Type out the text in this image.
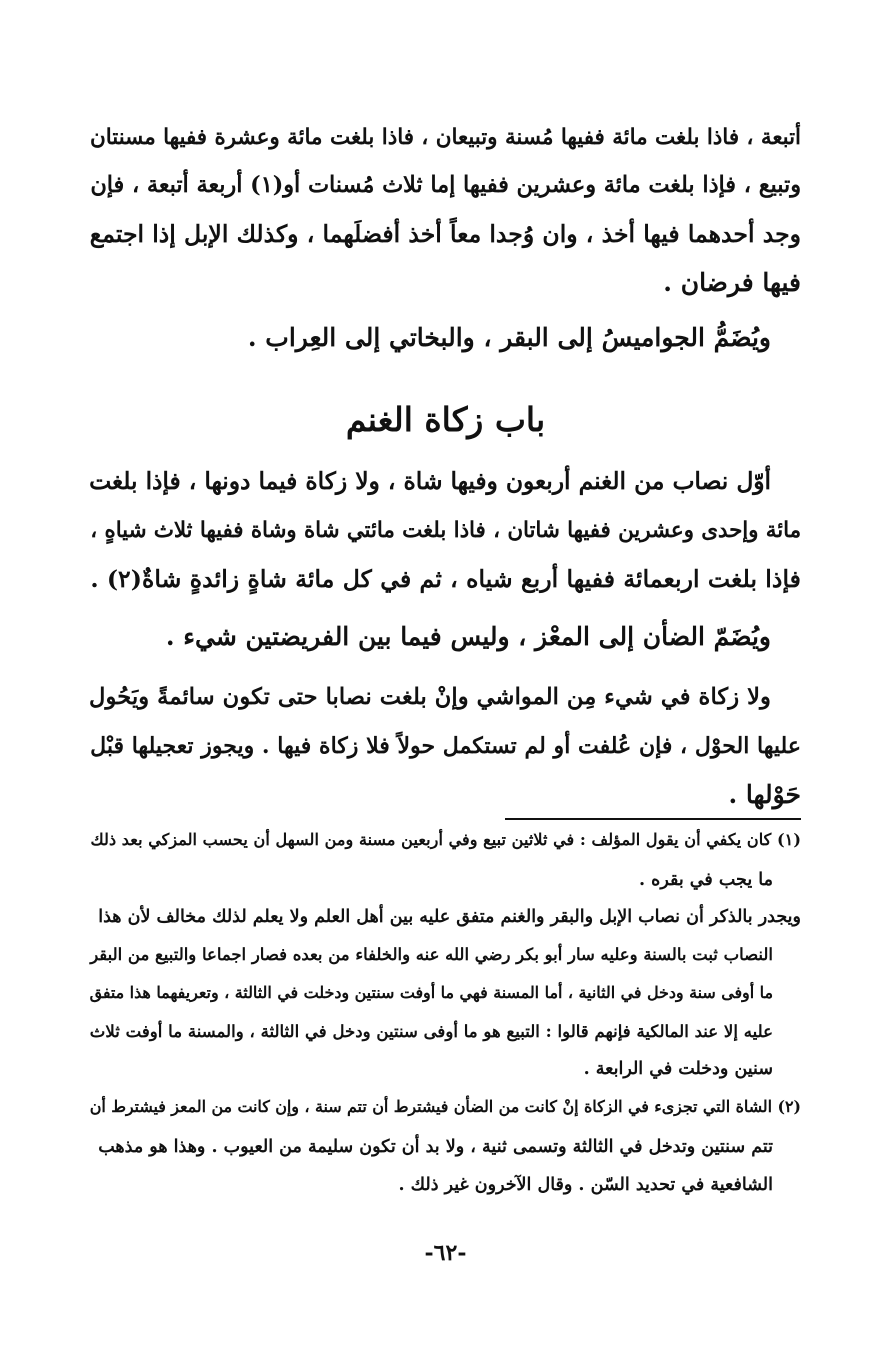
أتبعة ، فاذا بلغت مائة ففيها مُسنة وتبيعان ، فاذا بلغت مائة وعشرة ففيها مسنتان
وتبيع ، فإذا بلغت مائة وعشرين ففيها إما ثلاث مُسنات أو(١) أربعة أتبعة ، فإن
وجد أحدهما فيها أخذ ، وان وُجدا معاً أخذ أفضلَهما ، وكذلك الإبل إذا اجتمع
فيها فرضان .
ويُضَمُّ الجواميسُ إلى البقر ، والبخاتي إلى العِراب .
باب زكاة الغنم
أوّل نصاب من الغنم أربعون وفيها شاة ، ولا زكاة فيما دونها ، فإذا بلغت
مائة وإحدى وعشرين ففيها شاتان ، فاذا بلغت مائتي شاة وشاة ففيها ثلاث شياهٍ ،
فإذا بلغت اربعمائة ففيها أربع شياه ، ثم في كل مائة شاةٍ زائدةٍ شاةٌ(٢) .
ويُضَمّ الضأن إلى المعْز ، وليس فيما بين الفريضتين شيء .
ولا زكاة في شيء مِن المواشي وإنْ بلغت نصابا حتى تكون سائمةً ويَحُول
عليها الحوْل ، فإن عُلفت أو لم تستكمل حولاً فلا زكاة فيها . ويجوز تعجيلها قبْل
حَوْلها .
(١) كان يكفي أن يقول المؤلف : في ثلاثين تبيع وفي أربعين مسنة ومن السهل أن يحسب المزكي بعد ذلك
ما يجب في بقره .
ويجدر بالذكر أن نصاب الإبل والبقر والغنم متفق عليه بين أهل العلم ولا يعلم لذلك مخالف لأن هذا
النصاب ثبت بالسنة وعليه سار أبو بكر رضي الله عنه والخلفاء من بعده فصار اجماعا والتبيع من البقر
ما أوفى سنة ودخل في الثانية ، أما المسنة فهي ما أوفت سنتين ودخلت في الثالثة ، وتعريفهما هذا متفق
عليه إلا عند المالكية فإنهم قالوا : التبيع هو ما أوفى سنتين ودخل في الثالثة ، والمسنة ما أوفت ثلاث
سنين ودخلت في الرابعة .
(٢) الشاة التي تجزىء في الزكاة إنْ كانت من الضأن فيشترط أن تتم سنة ، وإن كانت من المعز فيشترط أن
تتم سنتين وتدخل في الثالثة وتسمى ثنية ، ولا بد أن تكون سليمة من العيوب . وهذا هو مذهب
الشافعية في تحديد السّن . وقال الآخرون غير ذلك .
-٦٢-
